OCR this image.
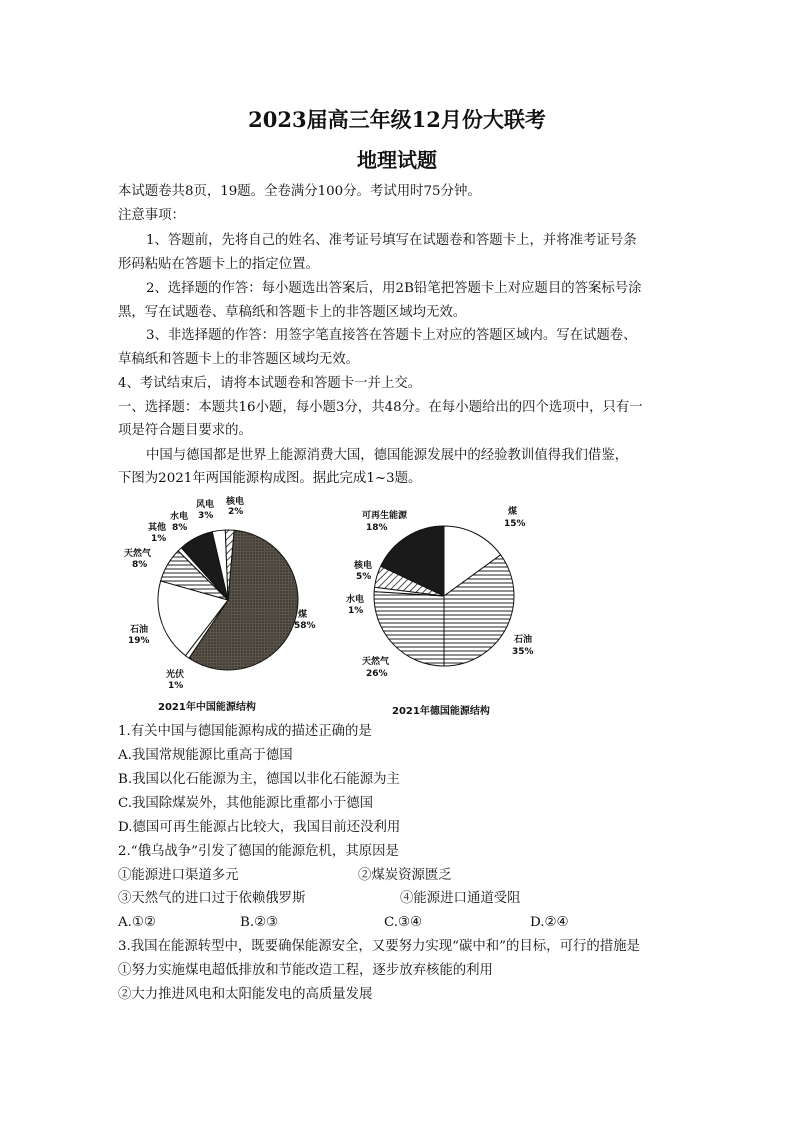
2023届高三年级12月份大联考
地理试题
本试题卷共8页，19题。全卷满分100分。考试用时75分钟。
注意事项：
1、答题前，先将自己的姓名、准考证号填写在试题卷和答题卡上，并将准考证号条
形码粘贴在答题卡上的指定位置。
2、选择题的作答：每小题选出答案后，用2B铅笔把答题卡上对应题目的答案标号涂
黑，写在试题卷、草稿纸和答题卡上的非答题区域均无效。
3、非选择题的作答：用签字笔直接答在答题卡上对应的答题区域内。写在试题卷、
草稿纸和答题卡上的非答题区域均无效。
4、考试结束后，请将本试题卷和答题卡一并上交。
一、选择题：本题共16小题，每小题3分，共48分。在每小题给出的四个选项中，只有一
项是符合题目要求的。
中国与德国都是世界上能源消费大国，德国能源发展中的经验教训值得我们借鉴，
下图为2021年两国能源构成图。据此完成1~3题。
核电
2%
风电
3%
水电
8%
其他
1%
天然气
8%
石油
19%
煤
58%
光伏
1%
2021年中国能源结构
可再生能源
18%
煤
15%
核电
5%
水电
1%
石油
35%
天然气
26%
2021年德国能源结构
1.有关中国与德国能源构成的描述正确的是
A.我国常规能源比重高于德国
B.我国以化石能源为主，德国以非化石能源为主
C.我国除煤炭外，其他能源比重都小于德国
D.德国可再生能源占比较大，我国目前还没利用
2.“俄乌战争”引发了德国的能源危机，其原因是
①能源进口渠道多元	②煤炭资源匮乏
③天然气的进口过于依赖俄罗斯	④能源进口通道受阻
A.①②	B.②③	C.③④	D.②④
3.我国在能源转型中，既要确保能源安全，又要努力实现“碳中和”的目标，可行的措施是
①努力实施煤电超低排放和节能改造工程，逐步放弃核能的利用
②大力推进风电和太阳能发电的高质量发展
